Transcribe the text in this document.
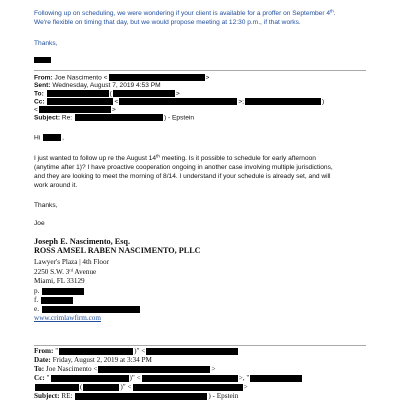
Following up on scheduling, we were wondering if your client is available for a proffer on September 4th.
We're flexible on timing that day, but we would propose meeting at 12:30 p.m., if that works.
Thanks,
From: Joe Nascimento <	>
Sent: Wednesday, August 7, 2019 4:53 PM
To:	(	>
Cc:	<	>;	)
<	>
Subject: Re:	) - Epstein
Hi	,
I just wanted to follow up re the August 14th meeting. Is it possible to schedule for early afternoon
(anytime after 1)? I have proactive cooperation ongoing in another case involving multiple jurisdictions,
and they are looking to meet the morning of 8/14. I understand if your schedule is already set, and will
work around it.
Thanks,
Joe
Joseph E. Nascimento, Esq.
ROSS AMSEL RABEN NASCIMENTO, PLLC
Lawyer's Plaza | 4th Floor
2250 S.W. 3rd Avenue
Miami, FL 33129
p.
f.
e.
www.crimlawfirm.com
From: "	)" <
Date: Friday, August 2, 2019 at 3:34 PM
To: Joe Nascimento <	>
Cc: "	)" <	>, "
(	)" <	>
Subject: RE:	) - Epstein
